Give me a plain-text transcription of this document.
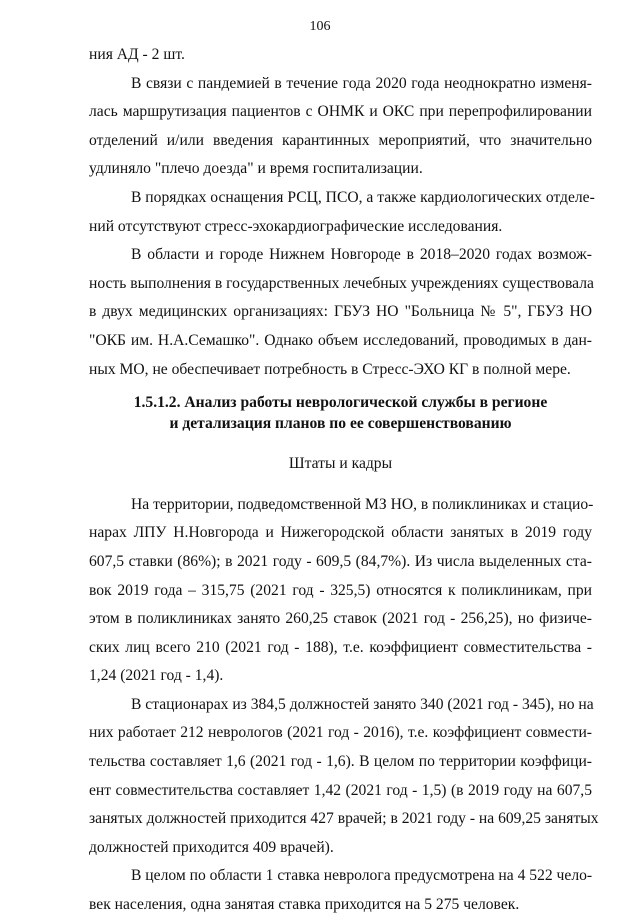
106
ния АД - 2 шт.
В связи с пандемией в течение года 2020 года неоднократно изменя-
лась маршрутизация пациентов с ОНМК и ОКС при перепрофилировании
отделений и/или введения карантинных мероприятий, что значительно
удлиняло "плечо доезда" и время госпитализации.
В порядках оснащения РСЦ, ПСО, а также кардиологических отделе-
ний отсутствуют стресс-эхокардиографические исследования.
В области и городе Нижнем Новгороде в 2018–2020 годах возмож-
ность выполнения в государственных лечебных учреждениях существовала
в двух медицинских организациях: ГБУЗ НО "Больница № 5", ГБУЗ НО
"ОКБ им. Н.А.Семашко". Однако объем исследований, проводимых в дан-
ных МО, не обеспечивает потребность в Стресс-ЭХО КГ в полной мере.
1.5.1.2. Анализ работы неврологической службы в регионе
и детализация планов по ее совершенствованию
Штаты и кадры
На территории, подведомственной МЗ НО, в поликлиниках и стацио-
нарах ЛПУ Н.Новгорода и Нижегородской области занятых в 2019 году
607,5 ставки (86%); в 2021 году - 609,5 (84,7%). Из числа выделенных ста-
вок 2019 года – 315,75 (2021 год - 325,5) относятся к поликлиникам, при
этом в поликлиниках занято 260,25 ставок (2021 год - 256,25), но физиче-
ских лиц всего 210 (2021 год - 188), т.е. коэффициент совместительства -
1,24 (2021 год - 1,4).
В стационарах из 384,5 должностей занято 340 (2021 год - 345), но на
них работает 212 неврологов (2021 год - 2016), т.е. коэффициент совмести-
тельства составляет 1,6 (2021 год - 1,6). В целом по территории коэффици-
ент совместительства составляет 1,42 (2021 год - 1,5) (в 2019 году на 607,5
занятых должностей приходится 427 врачей; в 2021 году - на 609,25 занятых
должностей приходится 409 врачей).
В целом по области 1 ставка невролога предусмотрена на 4 522 чело-
век населения, одна занятая ставка приходится на 5 275 человек.
